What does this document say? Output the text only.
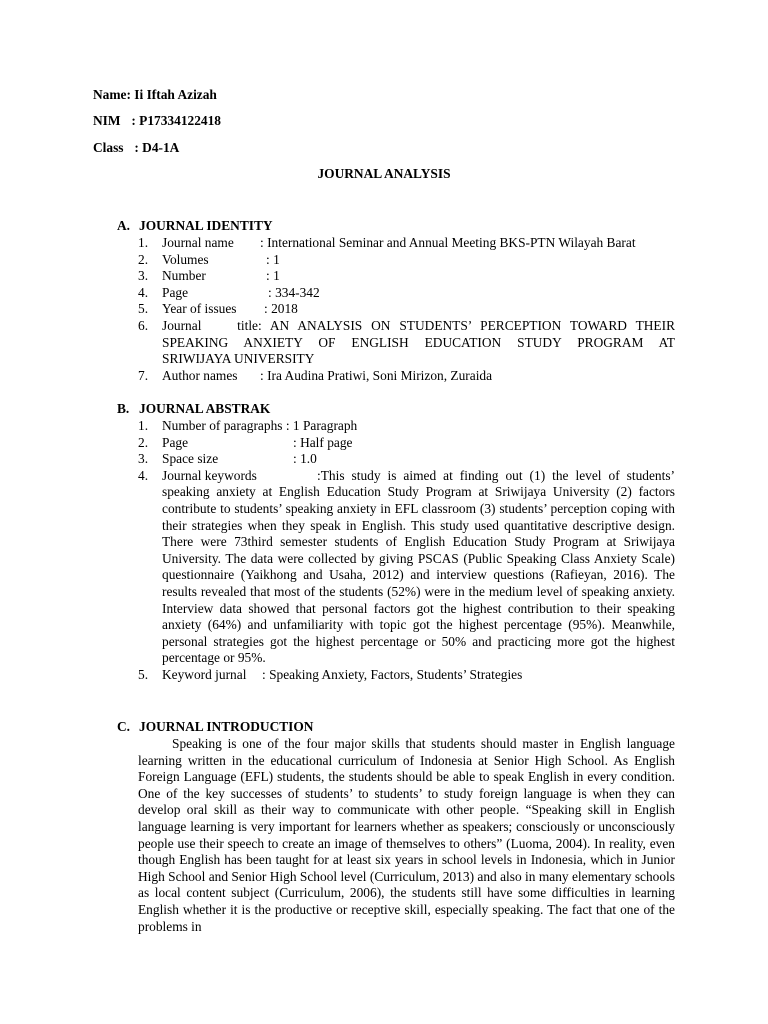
Name: Ii Iftah Azizah
NIM : P17334122418
Class : D4-1A
JOURNAL ANALYSIS
A. JOURNAL IDENTITY
1. Journal name : International Seminar and Annual Meeting BKS-PTN Wilayah Barat
2. Volumes	: 1
3. Number	: 1
4. Page	: 334-342
5. Year of issues : 2018
6. Journal title: AN ANALYSIS ON STUDENTS’ PERCEPTION TOWARD THEIR
SPEAKING ANXIETY OF ENGLISH EDUCATION STUDY PROGRAM AT
SRIWIJAYA UNIVERSITY
7. Author names : Ira Audina Pratiwi, Soni Mirizon, Zuraida
B. JOURNAL ABSTRAK
1. Number of paragraphs : 1 Paragraph
2. Page	: Half page
3. Space size	: 1.0
4. Journal keywords	:This study is aimed at finding out (1) the level of students’ speaking anxiety at English Education Study Program at Sriwijaya University (2) factors contribute to students’ speaking anxiety in EFL classroom (3) students’ perception coping with their strategies when they speak in English. This study used quantitative descriptive design. There were 73third semester students of English Education Study Program at Sriwijaya University. The data were collected by giving PSCAS (Public Speaking Class Anxiety Scale) questionnaire (Yaikhong and Usaha, 2012) and interview questions (Rafieyan, 2016). The results revealed that most of the students (52%) were in the medium level of speaking anxiety. Interview data showed that personal factors got the highest contribution to their speaking anxiety (64%) and unfamiliarity with topic got the highest percentage (95%). Meanwhile, personal strategies got the highest percentage or 50% and practicing more got the highest percentage or 95%.
5. Keyword jurnal : Speaking Anxiety, Factors, Students’ Strategies
C. JOURNAL INTRODUCTION
Speaking is one of the four major skills that students should master in English language learning written in the educational curriculum of Indonesia at Senior High School. As English Foreign Language (EFL) students, the students should be able to speak English in every condition. One of the key successes of students’ to students’ to study foreign language is when they can develop oral skill as their way to communicate with other people. “Speaking skill in English language learning is very important for learners whether as speakers; consciously or unconsciously people use their speech to create an image of themselves to others” (Luoma, 2004). In reality, even though English has been taught for at least six years in school levels in Indonesia, which in Junior High School and Senior High School level (Curriculum, 2013) and also in many elementary schools as local content subject (Curriculum, 2006), the students still have some difficulties in learning English whether it is the productive or receptive skill, especially speaking. The fact that one of the problems in
